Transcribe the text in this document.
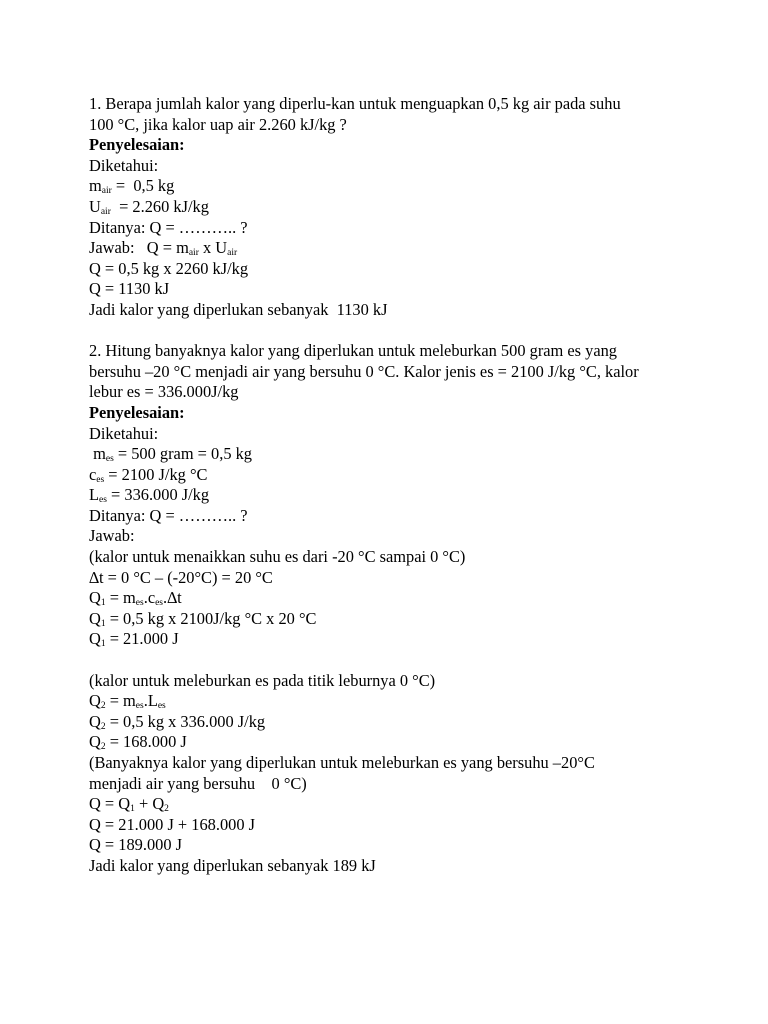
1. Berapa jumlah kalor yang diperlu-kan untuk menguapkan 0,5 kg air pada suhu
100 °C, jika kalor uap air 2.260 kJ/kg ?
Penyelesaian:
Diketahui:
mair =  0,5 kg
Uair  = 2.260 kJ/kg
Ditanya: Q = ……….. ?
Jawab:   Q = mair x Uair
Q = 0,5 kg x 2260 kJ/kg
Q = 1130 kJ
Jadi kalor yang diperlukan sebanyak  1130 kJ
2. Hitung banyaknya kalor yang diperlukan untuk meleburkan 500 gram es yang
bersuhu –20 °C menjadi air yang bersuhu 0 °C. Kalor jenis es = 2100 J/kg °C, kalor
lebur es = 336.000J/kg
Penyelesaian:
Diketahui:
mes = 500 gram = 0,5 kg
ces = 2100 J/kg °C
Les = 336.000 J/kg
Ditanya: Q = ……….. ?
Jawab:
(kalor untuk menaikkan suhu es dari -20 °C sampai 0 °C)
∆t = 0 °C – (-20°C) = 20 °C
Q1 = mes.ces.∆t
Q1 = 0,5 kg x 2100J/kg °C x 20 °C
Q1 = 21.000 J
(kalor untuk meleburkan es pada titik leburnya 0 °C)
Q2 = mes.Les
Q2 = 0,5 kg x 336.000 J/kg
Q2 = 168.000 J
(Banyaknya kalor yang diperlukan untuk meleburkan es yang bersuhu –20°C
menjadi air yang bersuhu    0 °C)
Q = Q1 + Q2
Q = 21.000 J + 168.000 J
Q = 189.000 J
Jadi kalor yang diperlukan sebanyak 189 kJ
